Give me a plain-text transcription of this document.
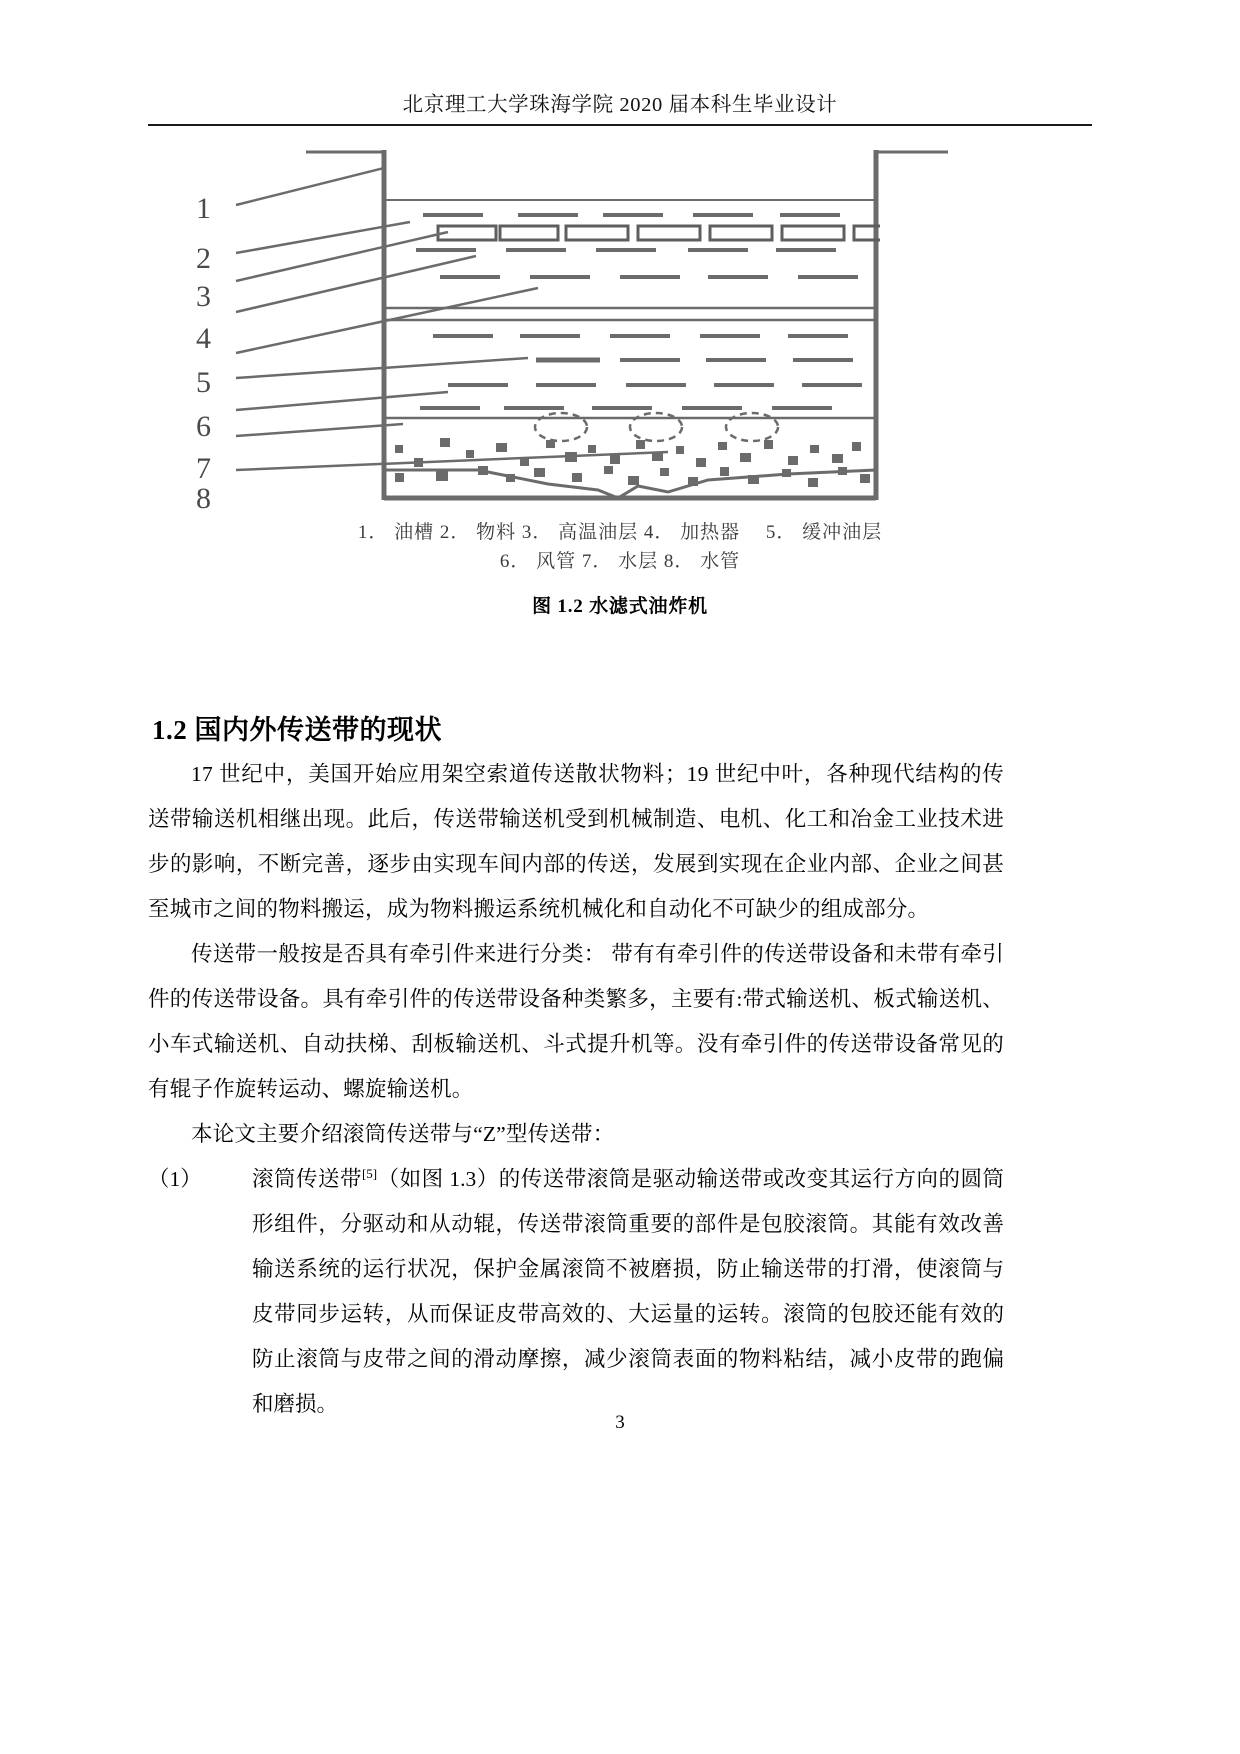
北京理工大学珠海学院 2020 届本科生毕业设计
1
2
3
4
5
6
7
8
1． 油槽 2． 物料 3． 高温油层 4． 加热器　 5． 缓冲油层
6． 风管 7． 水层 8． 水管
图 1.2 水滤式油炸机
1.2 国内外传送带的现状

17 世纪中，美国开始应用架空索道传送散状物料；19 世纪中叶，各种现代结构的传送带输送机相继出现。此后，传送带输送机受到机械制造、电机、化工和冶金工业技术进步的影响，不断完善，逐步由实现车间内部的传送，发展到实现在企业内部、企业之间甚至城市之间的物料搬运，成为物料搬运系统机械化和自动化不可缺少的组成部分。

传送带一般按是否具有牵引件来进行分类： 带有有牵引件的传送带设备和未带有牵引件的传送带设备。具有牵引件的传送带设备种类繁多，主要有:带式输送机、板式输送机、小车式输送机、自动扶梯、刮板输送机、斗式提升机等。没有牵引件的传送带设备常见的有辊子作旋转运动、螺旋输送机。

本论文主要介绍滚筒传送带与“Z”型传送带：

（1）	滚筒传送带[5]（如图 1.3）的传送带滚筒是驱动输送带或改变其运行方向的圆筒形组件，分驱动和从动辊，传送带滚筒重要的部件是包胶滚筒。其能有效改善输送系统的运行状况，保护金属滚筒不被磨损，防止输送带的打滑，使滚筒与皮带同步运转，从而保证皮带高效的、大运量的运转。滚筒的包胶还能有效的防止滚筒与皮带之间的滑动摩擦，减少滚筒表面的物料粘结，减小皮带的跑偏和磨损。
3
